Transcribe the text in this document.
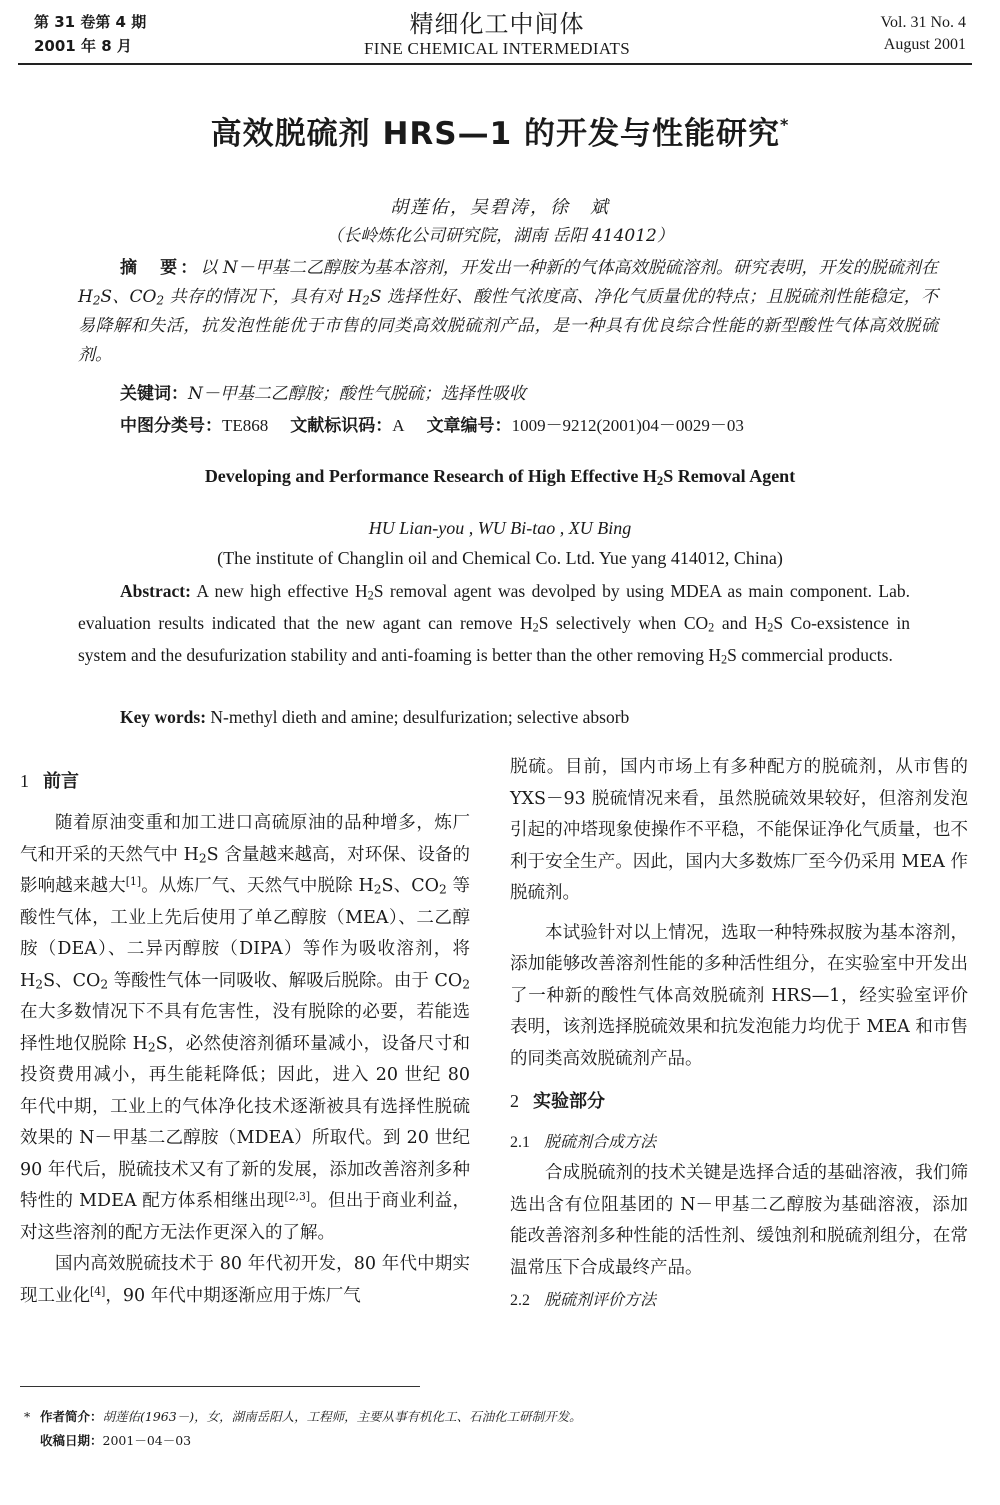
第 31 卷第 4 期
2001 年 8 月
精细化工中间体
FINE CHEMICAL INTERMEDIATS
Vol. 31 No. 4
August 2001
高效脱硫剂 HRS—1 的开发与性能研究*
胡莲佑，吴碧涛，徐　斌
（长岭炼化公司研究院，湖南 岳阳 414012）
摘　要：以 N－甲基二乙醇胺为基本溶剂，开发出一种新的气体高效脱硫溶剂。研究表明，开发的脱硫剂在 $H_2S$、$CO_2$ 共存的情况下，具有对 $H_2S$ 选择性好、酸性气浓度高、净化气质量优的特点；且脱硫剂性能稳定，不易降解和失活，抗发泡性能优于市售的同类高效脱硫剂产品，是一种具有优良综合性能的新型酸性气体高效脱硫剂。
关键词：N－甲基二乙醇胺；酸性气脱硫；选择性吸收
中图分类号：TE868 文献标识码：A 文章编号：1009－9212(2001)04－0029－03
Developing and Performance Research of High Effective $H_2S$ Removal Agent
HU Lian-you , WU Bi-tao , XU Bing
(The institute of Changlin oil and Chemical Co. Ltd. Yue yang 414012, China)
Abstract: A new high effective $H_2S$ removal agent was devolped by using MDEA as main component. Lab. evaluation results indicated that the new agant can remove $H_2S$ selectively when $CO_2$ and $H_2S$ Co-exsistence in system and the desufurization stability and anti-foaming is better than the other removing $H_2S$ commercial products.
Key words: N-methyl dieth and amine; desulfurization; selective absorb
1 前言

随着原油变重和加工进口高硫原油的品种增多，炼厂气和开采的天然气中 $H_2S$ 含量越来越高，对环保、设备的影响越来越大[1]。从炼厂气、天然气中脱除 $H_2S$、$CO_2$ 等酸性气体，工业上先后使用了单乙醇胺（MEA）、二乙醇胺（DEA）、二异丙醇胺（DIPA）等作为吸收溶剂，将 $H_2S$、$CO_2$ 等酸性气体一同吸收、解吸后脱除。由于 $CO_2$ 在大多数情况下不具有危害性，没有脱除的必要，若能选择性地仅脱除 $H_2S$，必然使溶剂循环量减小，设备尺寸和投资费用减小，再生能耗降低；因此，进入 20 世纪 80 年代中期，工业上的气体净化技术逐渐被具有选择性脱硫效果的 N－甲基二乙醇胺（MDEA）所取代。到 20 世纪 90 年代后，脱硫技术又有了新的发展，添加改善溶剂多种特性的 MDEA 配方体系相继出现[2,3]。但出于商业利益，对这些溶剂的配方无法作更深入的了解。

国内高效脱硫技术于 80 年代初开发，80 年代中期实现工业化[4]，90 年代中期逐渐应用于炼厂气

脱硫。目前，国内市场上有多种配方的脱硫剂，从市售的 YXS－93 脱硫情况来看，虽然脱硫效果较好，但溶剂发泡引起的冲塔现象使操作不平稳，不能保证净化气质量，也不利于安全生产。因此，国内大多数炼厂至今仍采用 MEA 作脱硫剂。

本试验针对以上情况，选取一种特殊叔胺为基本溶剂，添加能够改善溶剂性能的多种活性组分，在实验室中开发出了一种新的酸性气体高效脱硫剂 HRS—1，经实验室评价表明，该剂选择脱硫效果和抗发泡能力均优于 MEA 和市售的同类高效脱硫剂产品。

2 实验部分
2.1 脱硫剂合成方法

合成脱硫剂的技术关键是选择合适的基础溶液，我们筛选出含有位阻基团的 N－甲基二乙醇胺为基础溶液，添加能改善溶剂多种性能的活性剂、缓蚀剂和脱硫剂组分，在常温常压下合成最终产品。

2.2 脱硫剂评价方法
* 作者简介：胡莲佑(1963－)，女，湖南岳阳人，工程师，主要从事有机化工、石油化工研制开发。
收稿日期：2001－04－03
